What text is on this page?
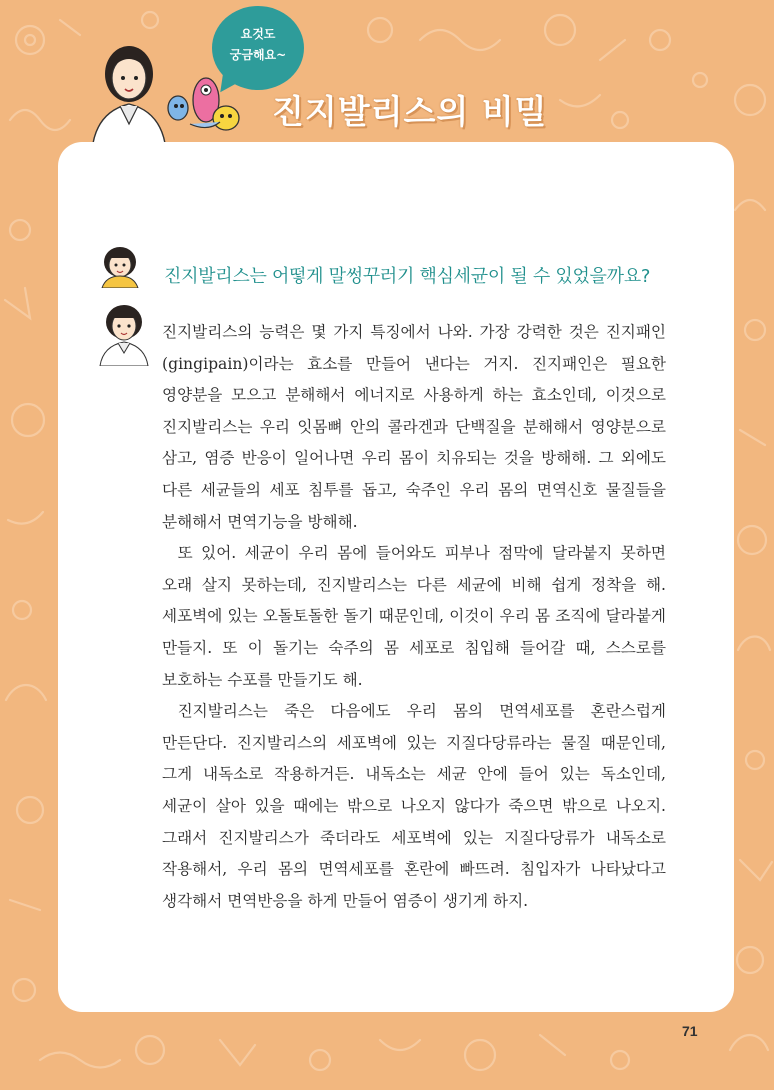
요것도
궁금해요~
진지발리스의 비밀
진지발리스는 어떻게 말썽꾸러기 핵심세균이 될 수 있었을까요?

진지발리스의 능력은 몇 가지 특징에서 나와. 가장 강력한 것은 진지패인(gingipain)이라는 효소를 만들어 낸다는 거지. 진지패인은 필요한 영양분을 모으고 분해해서 에너지로 사용하게 하는 효소인데, 이것으로 진지발리스는 우리 잇몸뼈 안의 콜라겐과 단백질을 분해해서 영양분으로 삼고, 염증 반응이 일어나면 우리 몸이 치유되는 것을 방해해. 그 외에도 다른 세균들의 세포 침투를 돕고, 숙주인 우리 몸의 면역신호 물질들을 분해해서 면역기능을 방해해.

또 있어. 세균이 우리 몸에 들어와도 피부나 점막에 달라붙지 못하면 오래 살지 못하는데, 진지발리스는 다른 세균에 비해 쉽게 정착을 해. 세포벽에 있는 오돌토돌한 돌기 때문인데, 이것이 우리 몸 조직에 달라붙게 만들지. 또 이 돌기는 숙주의 몸 세포로 침입해 들어갈 때, 스스로를 보호하는 수포를 만들기도 해.

진지발리스는 죽은 다음에도 우리 몸의 면역세포를 혼란스럽게 만든단다. 진지발리스의 세포벽에 있는 지질다당류라는 물질 때문인데, 그게 내독소로 작용하거든. 내독소는 세균 안에 들어 있는 독소인데, 세균이 살아 있을 때에는 밖으로 나오지 않다가 죽으면 밖으로 나오지. 그래서 진지발리스가 죽더라도 세포벽에 있는 지질다당류가 내독소로 작용해서, 우리 몸의 면역세포를 혼란에 빠뜨려. 침입자가 나타났다고 생각해서 면역반응을 하게 만들어 염증이 생기게 하지.

71
